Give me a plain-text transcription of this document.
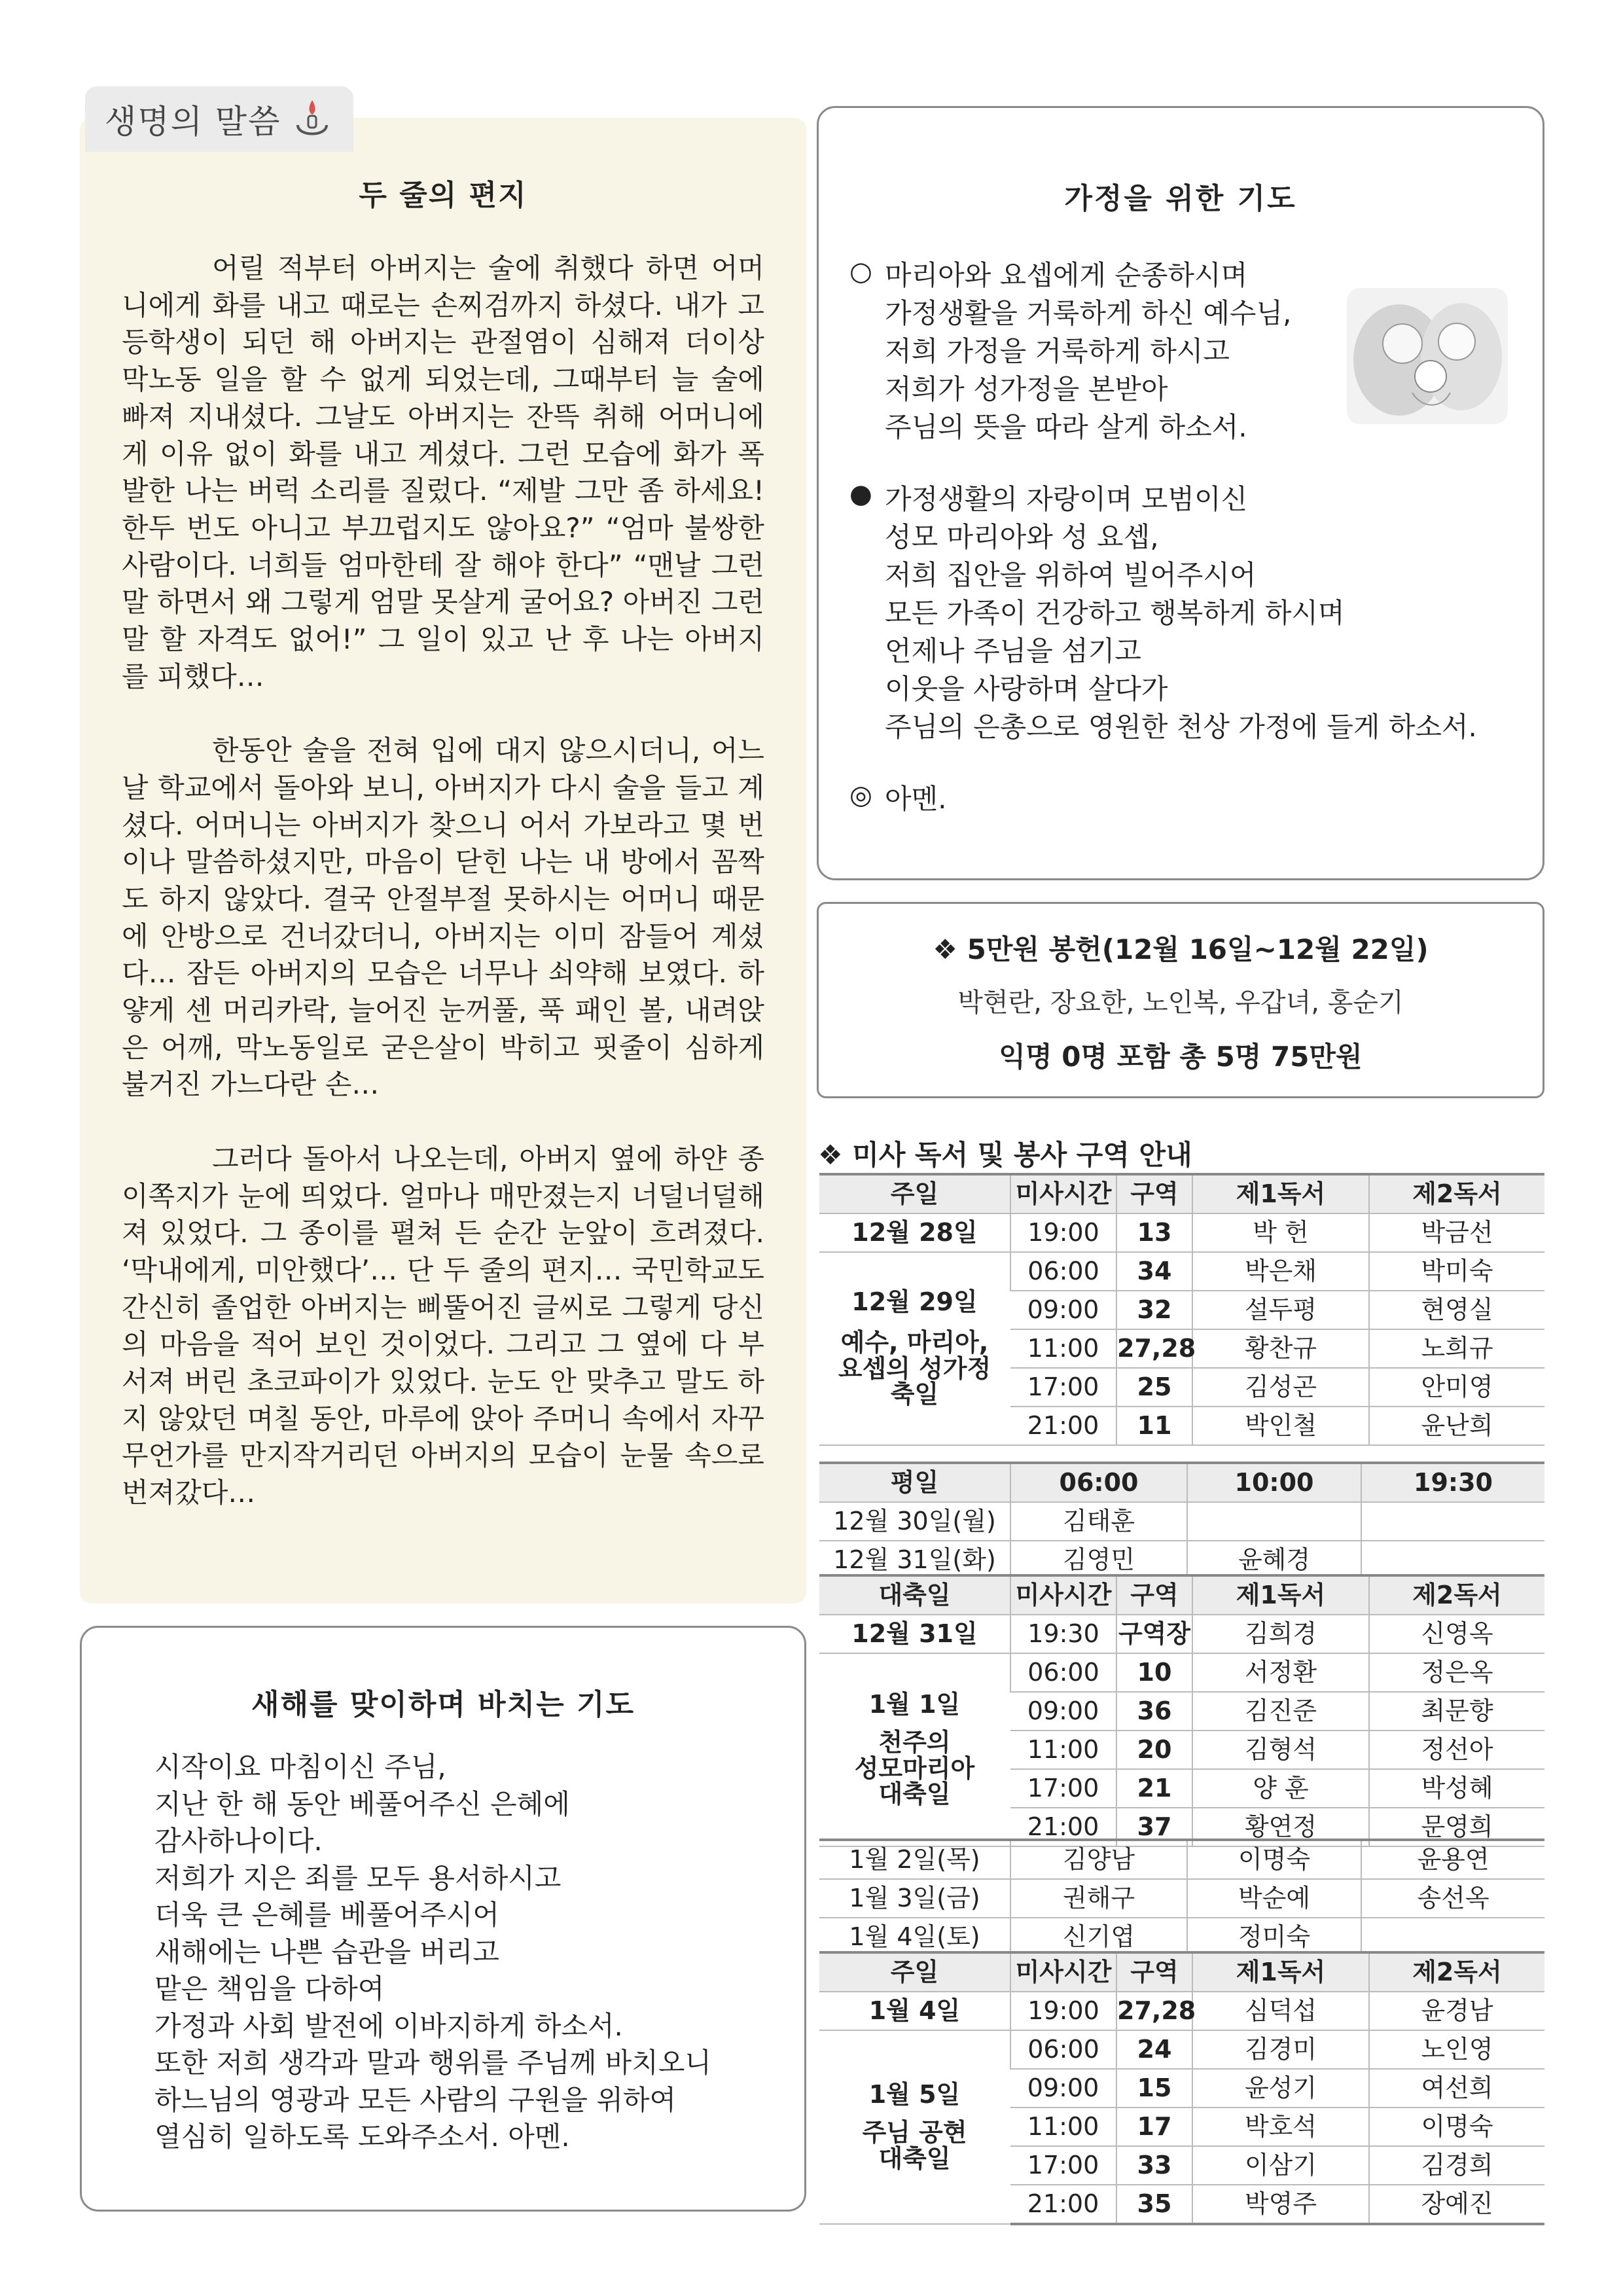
생명의 말씀
두 줄의 편지

어릴 적부터 아버지는 술에 취했다 하면 어머니에게 화를 내고 때로는 손찌검까지 하셨다. 내가 고등학생이 되던 해 아버지는 관절염이 심해져 더이상 막노동 일을 할 수 없게 되었는데, 그때부터 늘 술에 빠져 지내셨다. 그날도 아버지는 잔뜩 취해 어머니에게 이유 없이 화를 내고 계셨다. 그런 모습에 화가 폭발한 나는 버럭 소리를 질렀다. “제발 그만 좀 하세요! 한두 번도 아니고 부끄럽지도 않아요?” “엄마 불쌍한 사람이다. 너희들 엄마한테 잘 해야 한다” “맨날 그런 말 하면서 왜 그렇게 엄말 못살게 굴어요? 아버진 그런 말 할 자격도 없어!” 그 일이 있고 난 후 나는 아버지를 피했다…

한동안 술을 전혀 입에 대지 않으시더니, 어느 날 학교에서 돌아와 보니, 아버지가 다시 술을 들고 계셨다. 어머니는 아버지가 찾으니 어서 가보라고 몇 번이나 말씀하셨지만, 마음이 닫힌 나는 내 방에서 꼼짝도 하지 않았다. 결국 안절부절 못하시는 어머니 때문에 안방으로 건너갔더니, 아버지는 이미 잠들어 계셨다… 잠든 아버지의 모습은 너무나 쇠약해 보였다. 하얗게 센 머리카락, 늘어진 눈꺼풀, 푹 패인 볼, 내려앉은 어깨, 막노동일로 굳은살이 박히고 핏줄이 심하게 불거진 가느다란 손…

그러다 돌아서 나오는데, 아버지 옆에 하얀 종이쪽지가 눈에 띄었다. 얼마나 매만졌는지 너덜너덜해져 있었다. 그 종이를 펼쳐 든 순간 눈앞이 흐려졌다. ‘막내에게, 미안했다’… 단 두 줄의 편지… 국민학교도 간신히 졸업한 아버지는 삐뚤어진 글씨로 그렇게 당신의 마음을 적어 보인 것이었다. 그리고 그 옆에 다 부서져 버린 초코파이가 있었다. 눈도 안 맞추고 말도 하지 않았던 며칠 동안, 마루에 앉아 주머니 속에서 자꾸 무언가를 만지작거리던 아버지의 모습이 눈물 속으로 번져갔다…

새해를 맞이하며 바치는 기도
시작이요 마침이신 주님,
지난 한 해 동안 베풀어주신 은혜에
감사하나이다.
저희가 지은 죄를 모두 용서하시고
더욱 큰 은혜를 베풀어주시어
새해에는 나쁜 습관을 버리고
맡은 책임을 다하여
가정과 사회 발전에 이바지하게 하소서.
또한 저희 생각과 말과 행위를 주님께 바치오니
하느님의 영광과 모든 사람의 구원을 위하여
열심히 일하도록 도와주소서. 아멘.
가정을 위한 기도
○ 마리아와 요셉에게 순종하시며
가정생활을 거룩하게 하신 예수님,
저희 가정을 거룩하게 하시고
저희가 성가정을 본받아
주님의 뜻을 따라 살게 하소서.
● 가정생활의 자랑이며 모범이신
성모 마리아와 성 요셉,
저희 집안을 위하여 빌어주시어
모든 가족이 건강하고 행복하게 하시며
언제나 주님을 섬기고
이웃을 사랑하며 살다가
주님의 은총으로 영원한 천상 가정에 들게 하소서.
◎ 아멘.
❖ 5만원 봉헌(12월 16일~12월 22일)
박현란, 장요한, 노인복, 우갑녀, 홍순기
익명 0명 포함 총 5명 75만원
❖ 미사 독서 및 봉사 구역 안내
주일	미사시간	구역	제1독서	제2독서
12월 28일	19:00	13	박 헌	박금선

12월 29일
예수, 마리아,
요셉의 성가정
축일	06:00	34	박은채	박미숙
	09:00	32	설두평	현영실
	11:00	27,28	황찬규	노희규
	17:00	25	김성곤	안미영
	21:00	11	박인철	윤난희
평일	06:00	10:00	19:30
12월 30일(월)	김태훈		
12월 31일(화)	김영민	윤혜경	
대축일	미사시간	구역	제1독서	제2독서
12월 31일	19:30	구역장	김희경	신영옥

1월 1일
천주의
성모마리아
대축일	06:00	10	서정환	정은옥
	09:00	36	김진준	최문향
	11:00	20	김형석	정선아
	17:00	21	양 훈	박성혜
	21:00	37	황연정	문영희
1월 2일(목)	김양남	이명숙	윤용연
1월 3일(금)	권해구	박순예	송선옥
1월 4일(토)	신기엽	정미숙	
주일	미사시간	구역	제1독서	제2독서
1월 4일	19:00	27,28	심덕섭	윤경남

1월 5일
주님 공현
대축일	06:00	24	김경미	노인영
	09:00	15	윤성기	여선희
	11:00	17	박호석	이명숙
	17:00	33	이삼기	김경희
	21:00	35	박영주	장예진
